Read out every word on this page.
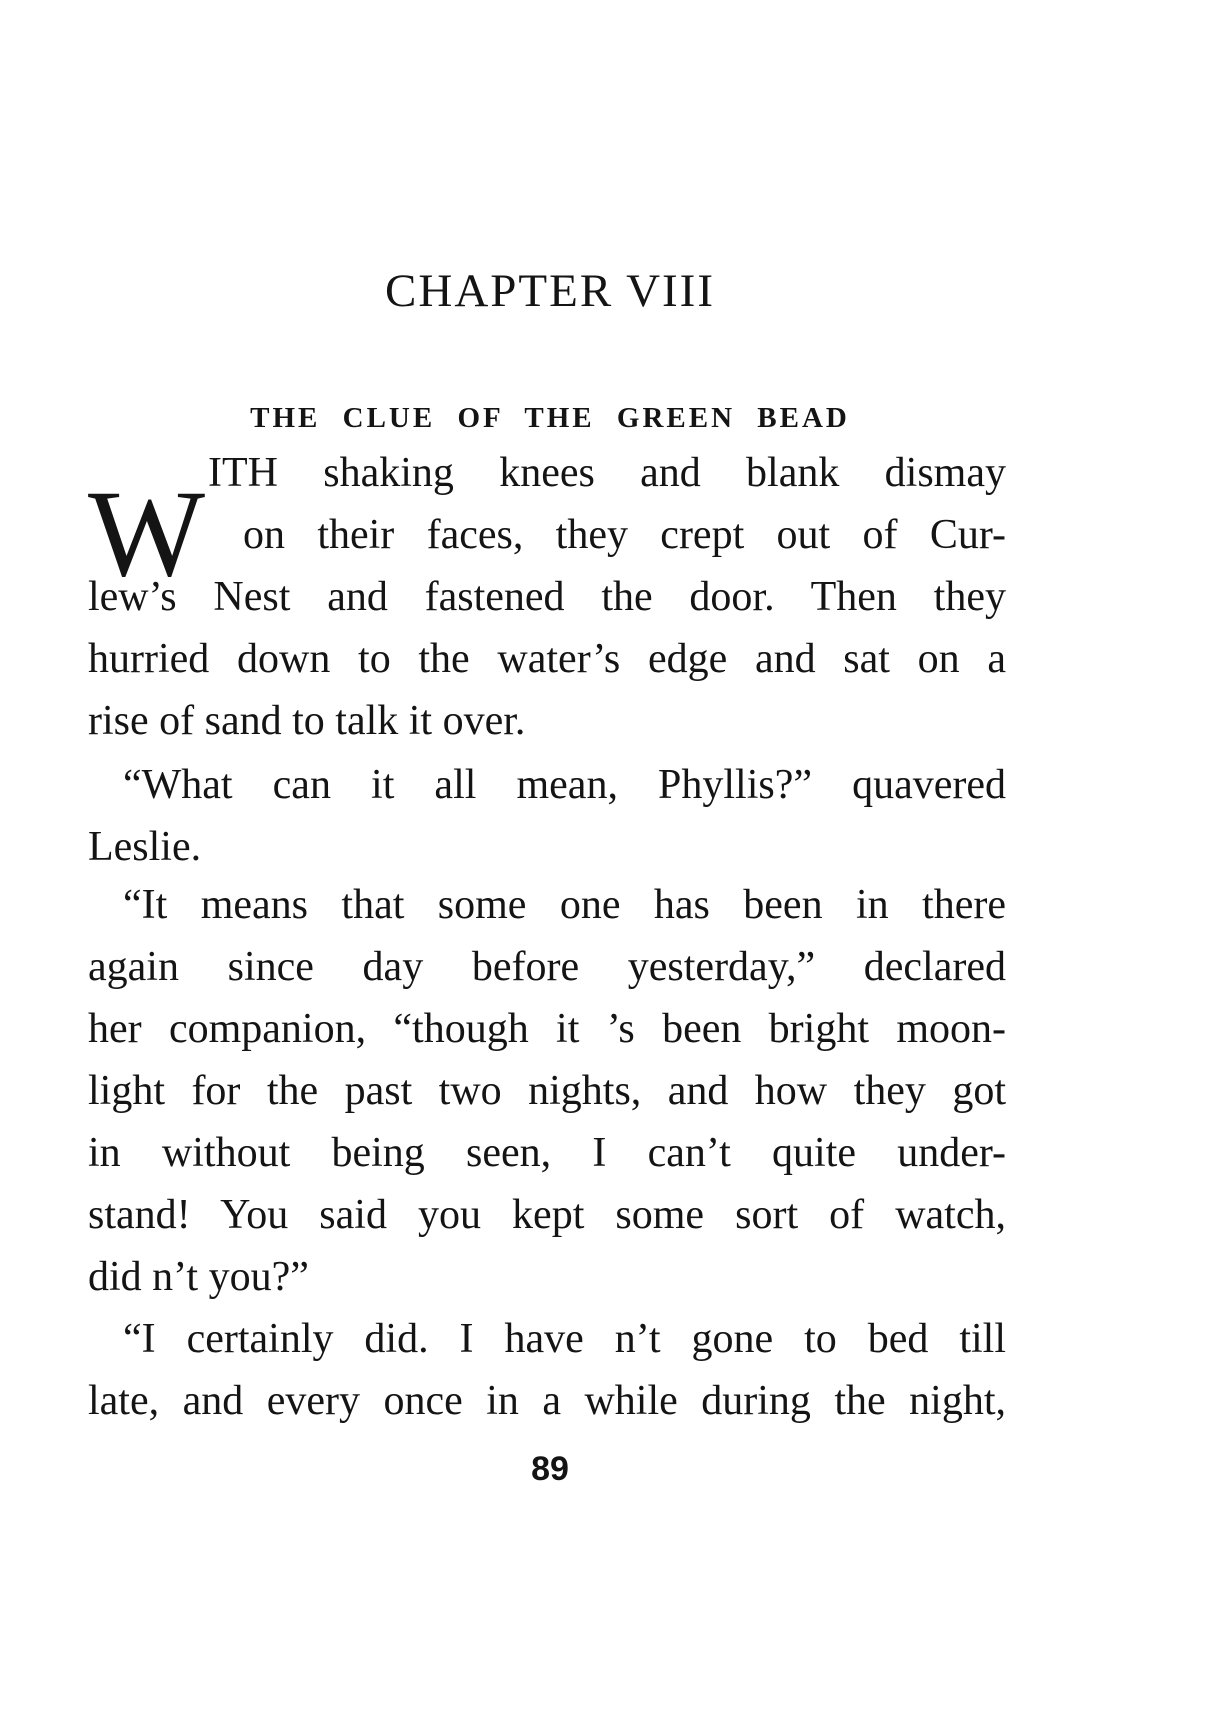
CHAPTER VIII
THE CLUE OF THE GREEN BEAD
W ITH shaking knees and blank dismay
on their faces, they crept out of Cur-
lew’s Nest and fastened the door. Then they
hurried down to the water’s edge and sat on a
rise of sand to talk it over.
“What can it all mean, Phyllis?” quavered
Leslie.
“It means that some one has been in there
again since day before yesterday,” declared
her companion, “though it ’s been bright moon-
light for the past two nights, and how they got
in without being seen, I can’t quite under-
stand! You said you kept some sort of watch,
did n’t you?”
“I certainly did. I have n’t gone to bed till
late, and every once in a while during the night,
89
